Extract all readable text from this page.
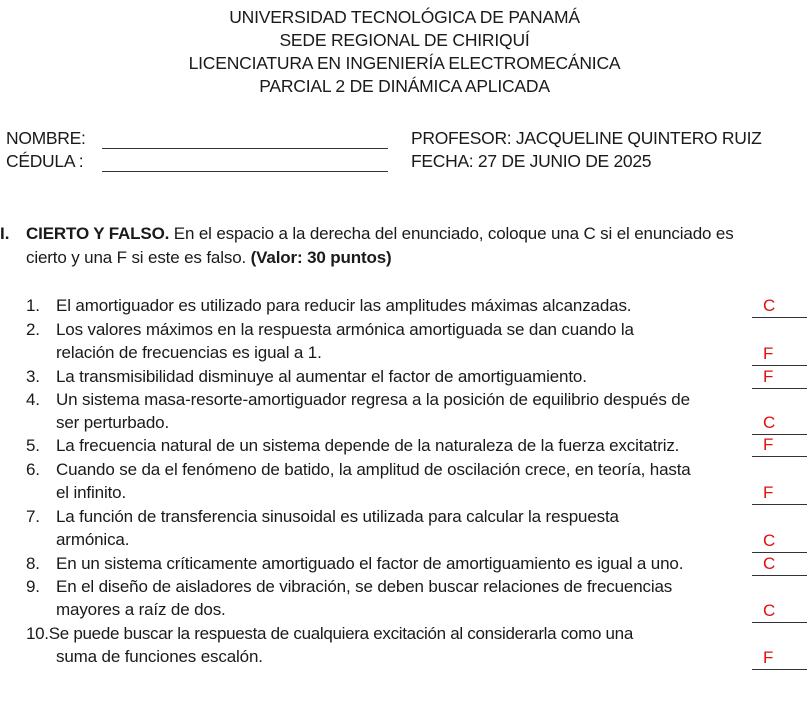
UNIVERSIDAD TECNOLÓGICA DE PANAMÁ
SEDE REGIONAL DE CHIRIQUÍ
LICENCIATURA EN INGENIERÍA ELECTROMECÁNICA
PARCIAL 2 DE DINÁMICA APLICADA
NOMBRE:
CÉDULA :
PROFESOR: JACQUELINE QUINTERO RUIZ
FECHA: 27 DE JUNIO DE 2025
I. CIERTO Y FALSO. En el espacio a la derecha del enunciado, coloque una C si el enunciado es
cierto y una F si este es falso. (Valor: 30 puntos)
1. El amortiguador es utilizado para reducir las amplitudes máximas alcanzadas.	C
2. Los valores máximos en la respuesta armónica amortiguada se dan cuando la
relación de frecuencias es igual a 1.	F
3. La transmisibilidad disminuye al aumentar el factor de amortiguamiento.	F
4. Un sistema masa-resorte-amortiguador regresa a la posición de equilibrio después de
ser perturbado.	C
5. La frecuencia natural de un sistema depende de la naturaleza de la fuerza excitatriz.	F
6. Cuando se da el fenómeno de batido, la amplitud de oscilación crece, en teoría, hasta
el infinito.	F
7. La función de transferencia sinusoidal es utilizada para calcular la respuesta
armónica.	C
8. En un sistema críticamente amortiguado el factor de amortiguamiento es igual a uno.	C
9. En el diseño de aisladores de vibración, se deben buscar relaciones de frecuencias
mayores a raíz de dos.	C
10.Se puede buscar la respuesta de cualquiera excitación al considerarla como una
suma de funciones escalón.	F
